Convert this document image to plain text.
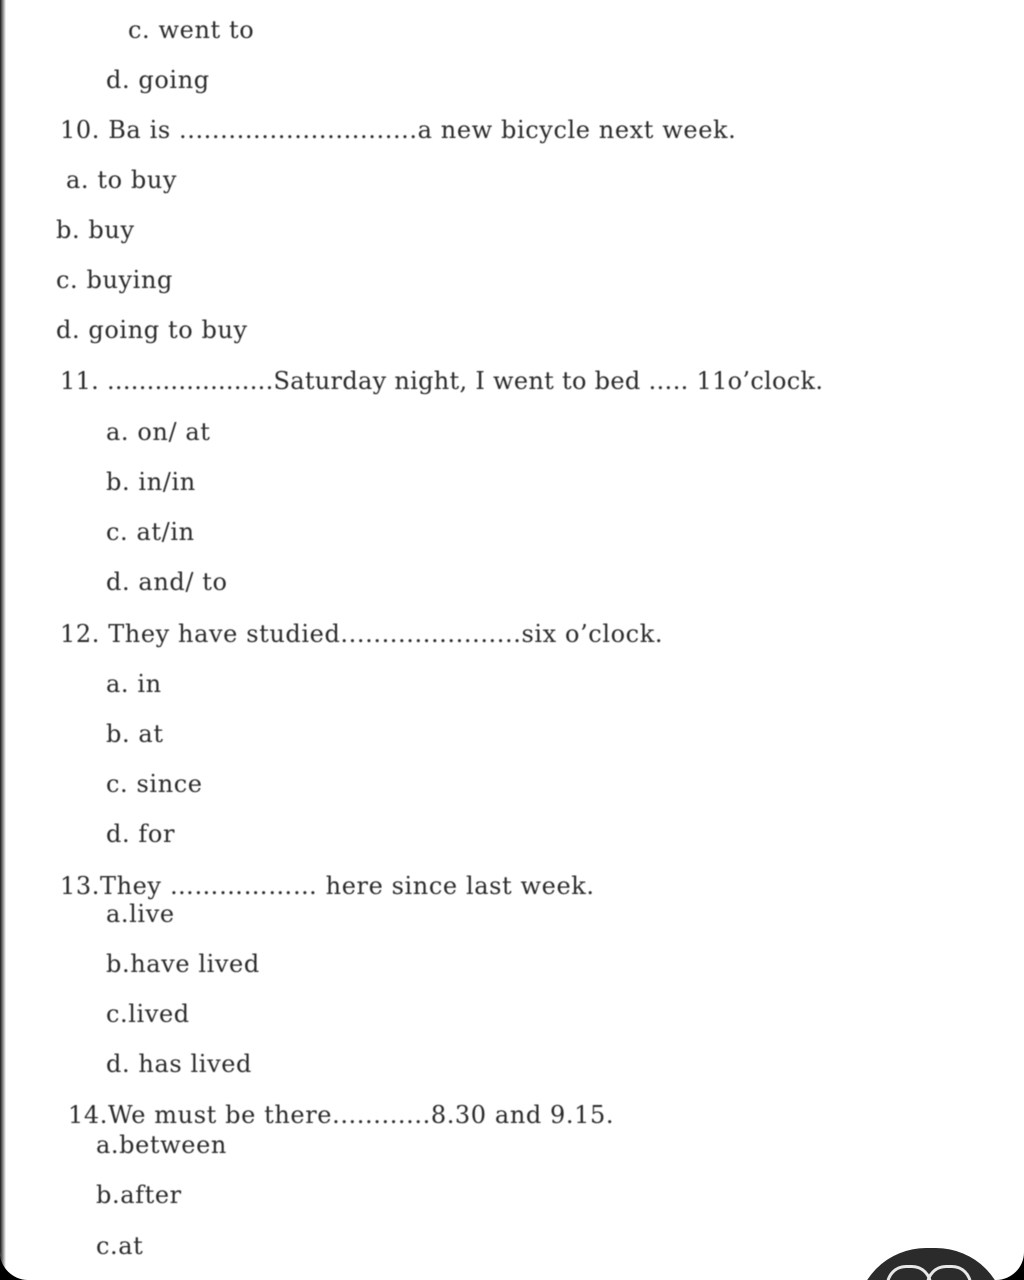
c. went to
d. going
10. Ba is .............................a new bicycle next week.
a. to buy
b. buy
c. buying
d. going to buy
11. .....................Saturday night, I went to bed ….. 11o’clock.
a. on/ at
b. in/in
c. at/in
d. and/ to
12. They have studied......................six o’clock.
a. in
b. at
c. since
d. for
13.They ……………… here since last week.
a.live
b.have lived
c.lived
d. has lived
14.We must be there............8.30 and 9.15.
a.between
b.after
c.at
